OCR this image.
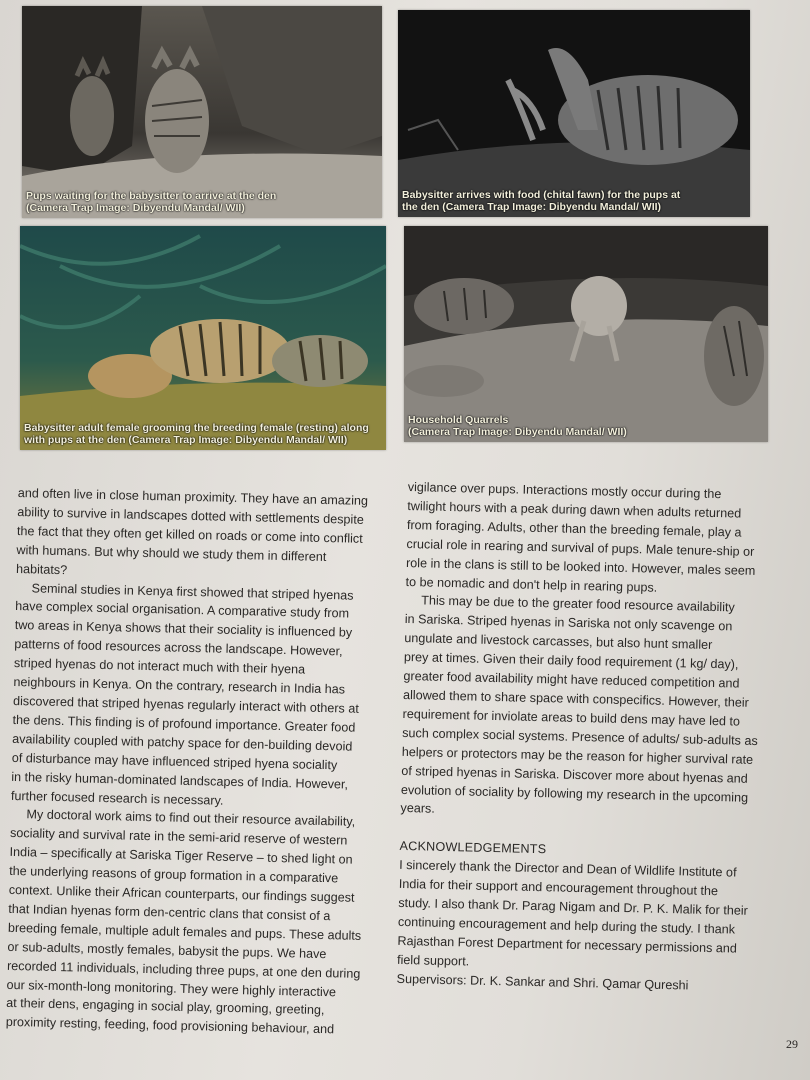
Pups waiting for the babysitter to arrive at the den
(Camera Trap Image: Dibyendu Mandal/ WII)
Babysitter arrives with food (chital fawn) for the pups at
the den (Camera Trap Image: Dibyendu Mandal/ WII)
Babysitter adult female grooming the breeding female (resting) along
with pups at the den (Camera Trap Image: Dibyendu Mandal/ WII)
Household Quarrels
(Camera Trap Image: Dibyendu Mandal/ WII)

and often live in close human proximity. They have an amazing
ability to survive in landscapes dotted with settlements despite
the fact that they often get killed on roads or come into conflict
with humans. But why should we study them in different
habitats?

Seminal studies in Kenya first showed that striped hyenas
have complex social organisation. A comparative study from
two areas in Kenya shows that their sociality is influenced by
patterns of food resources across the landscape. However,
striped hyenas do not interact much with their hyena
neighbours in Kenya. On the contrary, research in India has
discovered that striped hyenas regularly interact with others at
the dens. This finding is of profound importance. Greater food
availability coupled with patchy space for den-building devoid
of disturbance may have influenced striped hyena sociality
in the risky human-dominated landscapes of India. However,
further focused research is necessary.

My doctoral work aims to find out their resource availability,
sociality and survival rate in the semi-arid reserve of western
India – specifically at Sariska Tiger Reserve – to shed light on
the underlying reasons of group formation in a comparative
context. Unlike their African counterparts, our findings suggest
that Indian hyenas form den-centric clans that consist of a
breeding female, multiple adult females and pups. These adults
or sub-adults, mostly females, babysit the pups. We have
recorded 11 individuals, including three pups, at one den during
our six-month-long monitoring. They were highly interactive
at their dens, engaging in social play, grooming, greeting,
proximity resting, feeding, food provisioning behaviour, and

vigilance over pups. Interactions mostly occur during the
twilight hours with a peak during dawn when adults returned
from foraging. Adults, other than the breeding female, play a
crucial role in rearing and survival of pups. Male tenure-ship or
role in the clans is still to be looked into. However, males seem
to be nomadic and don't help in rearing pups.

This may be due to the greater food resource availability
in Sariska. Striped hyenas in Sariska not only scavenge on
ungulate and livestock carcasses, but also hunt smaller
prey at times. Given their daily food requirement (1 kg/ day),
greater food availability might have reduced competition and
allowed them to share space with conspecifics. However, their
requirement for inviolate areas to build dens may have led to
such complex social systems. Presence of adults/ sub-adults as
helpers or protectors may be the reason for higher survival rate
of striped hyenas in Sariska. Discover more about hyenas and
evolution of sociality by following my research in the upcoming
years.

ACKNOWLEDGEMENTS

I sincerely thank the Director and Dean of Wildlife Institute of
India for their support and encouragement throughout the
study. I also thank Dr. Parag Nigam and Dr. P. K. Malik for their
continuing encouragement and help during the study. I thank
Rajasthan Forest Department for necessary permissions and
field support.

Supervisors: Dr. K. Sankar and Shri. Qamar Qureshi

29
